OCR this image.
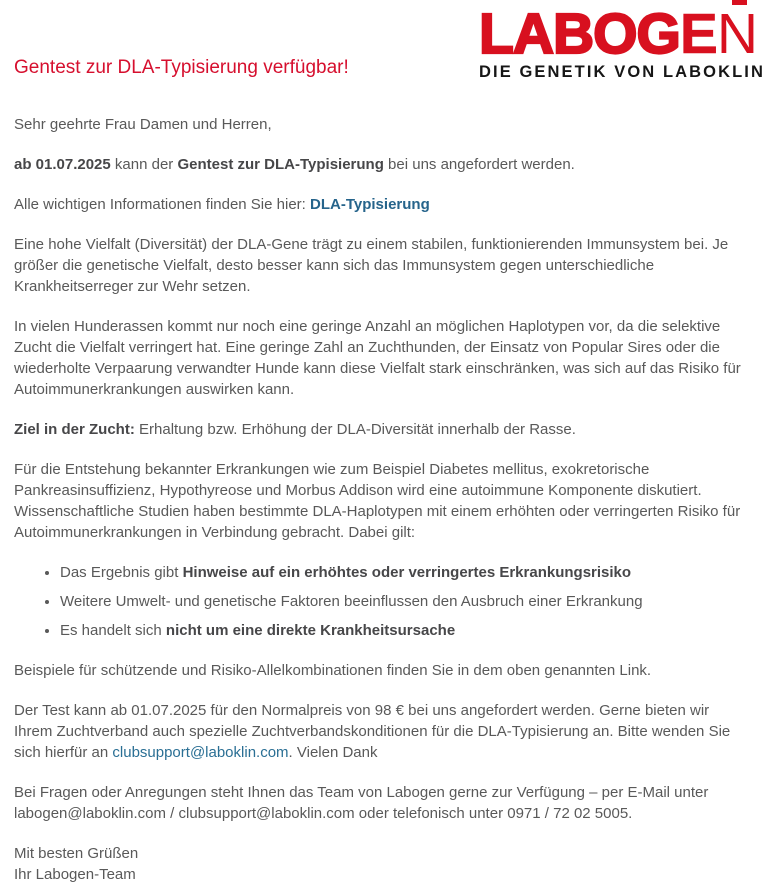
LABOGEN
DIE GENETIK VON LABOKLIN
Gentest zur DLA-Typisierung verfügbar!

Sehr geehrte Frau Damen und Herren,

ab 01.07.2025 kann der Gentest zur DLA-Typisierung bei uns angefordert werden.

Alle wichtigen Informationen finden Sie hier: DLA-Typisierung

Eine hohe Vielfalt (Diversität) der DLA-Gene trägt zu einem stabilen, funktionierenden Immunsystem bei. Je größer die genetische Vielfalt, desto besser kann sich das Immunsystem gegen unterschiedliche Krankheitserreger zur Wehr setzen.

In vielen Hunderassen kommt nur noch eine geringe Anzahl an möglichen Haplotypen vor, da die selektive Zucht die Vielfalt verringert hat. Eine geringe Zahl an Zuchthunden, der Einsatz von Popular Sires oder die wiederholte Verpaarung verwandter Hunde kann diese Vielfalt stark einschränken, was sich auf das Risiko für Autoimmunerkrankungen auswirken kann.

Ziel in der Zucht: Erhaltung bzw. Erhöhung der DLA-Diversität innerhalb der Rasse.

Für die Entstehung bekannter Erkrankungen wie zum Beispiel Diabetes mellitus, exokretorische Pankreasinsuffizienz, Hypothyreose und Morbus Addison wird eine autoimmune Komponente diskutiert. Wissenschaftliche Studien haben bestimmte DLA-Haplotypen mit einem erhöhten oder verringerten Risiko für Autoimmunerkrankungen in Verbindung gebracht. Dabei gilt:

• Das Ergebnis gibt Hinweise auf ein erhöhtes oder verringertes Erkrankungsrisiko
• Weitere Umwelt- und genetische Faktoren beeinflussen den Ausbruch einer Erkrankung
• Es handelt sich nicht um eine direkte Krankheitsursache

Beispiele für schützende und Risiko-Allelkombinationen finden Sie in dem oben genannten Link.

Der Test kann ab 01.07.2025 für den Normalpreis von 98 € bei uns angefordert werden. Gerne bieten wir Ihrem Zuchtverband auch spezielle Zuchtverbandskonditionen für die DLA-Typisierung an. Bitte wenden Sie sich hierfür an clubsupport@laboklin.com. Vielen Dank

Bei Fragen oder Anregungen steht Ihnen das Team von Labogen gerne zur Verfügung – per E-Mail unter labogen@laboklin.com / clubsupport@laboklin.com oder telefonisch unter 0971 / 72 02 5005.

Mit besten Grüßen

Ihr Labogen-Team
